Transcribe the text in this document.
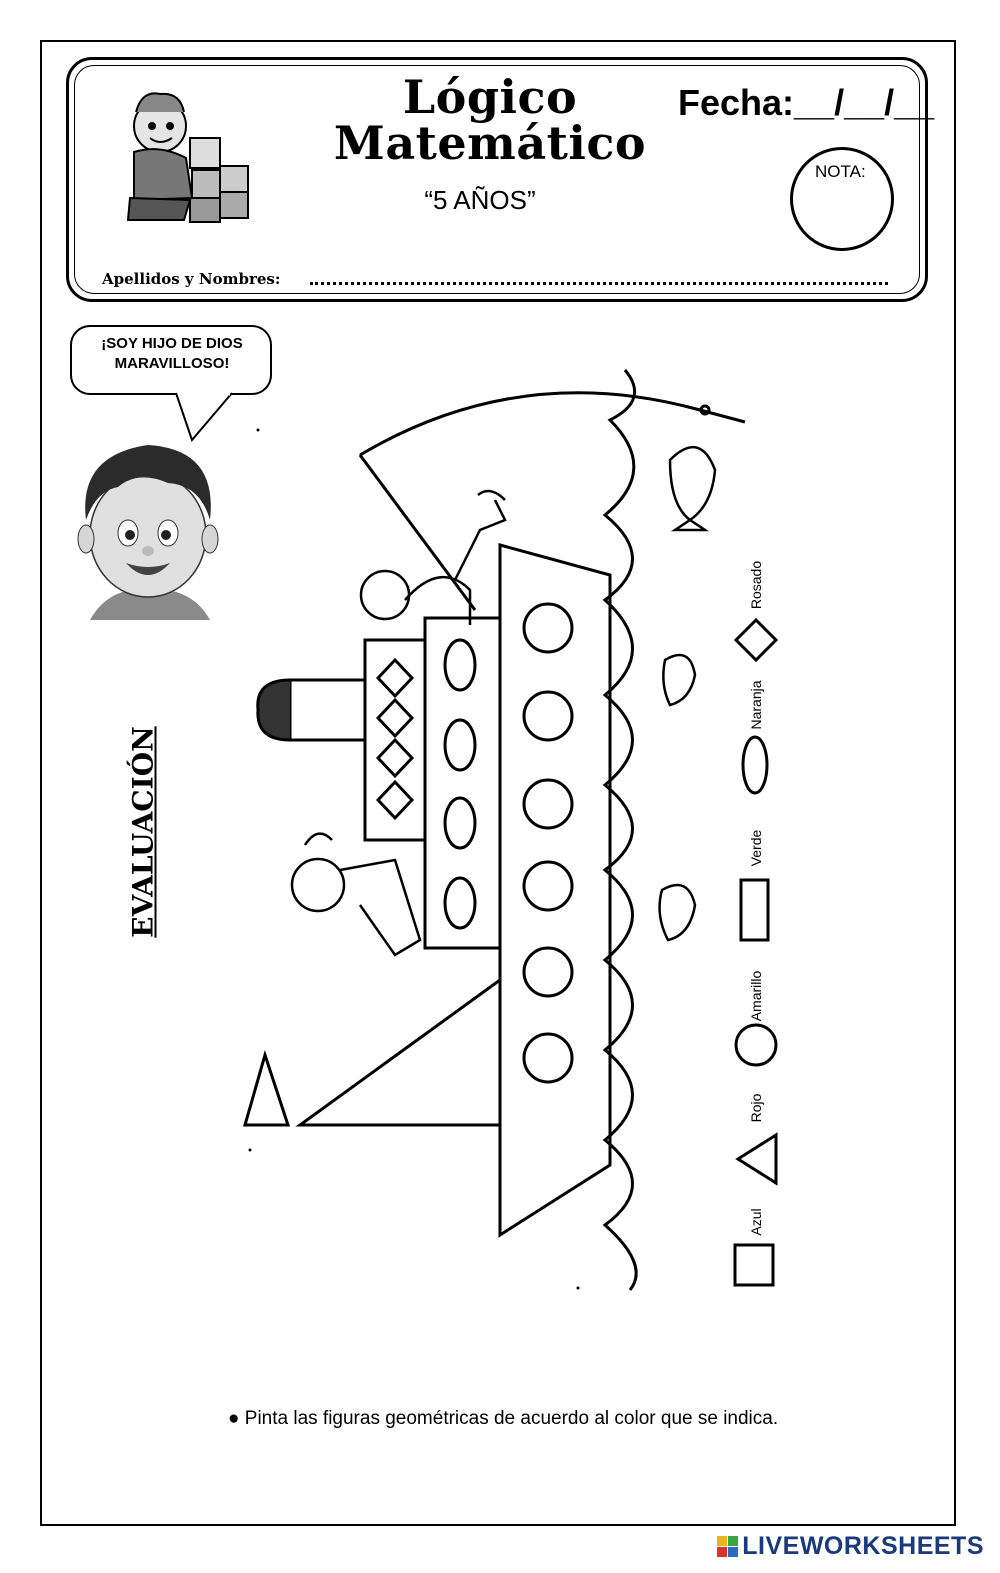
Lógico
Matemático
“5 AÑOS”
Fecha:__/__/__
NOTA:
Apellidos y Nombres:
¡SOY HIJO DE DIOS
MARAVILLOSO!
EVALUACIÓN
Azul
Rojo
Amarillo
Verde
Naranja
Rosado
● Pinta las figuras geométricas de acuerdo al color que se indica.
LIVEWORKSHEETS
